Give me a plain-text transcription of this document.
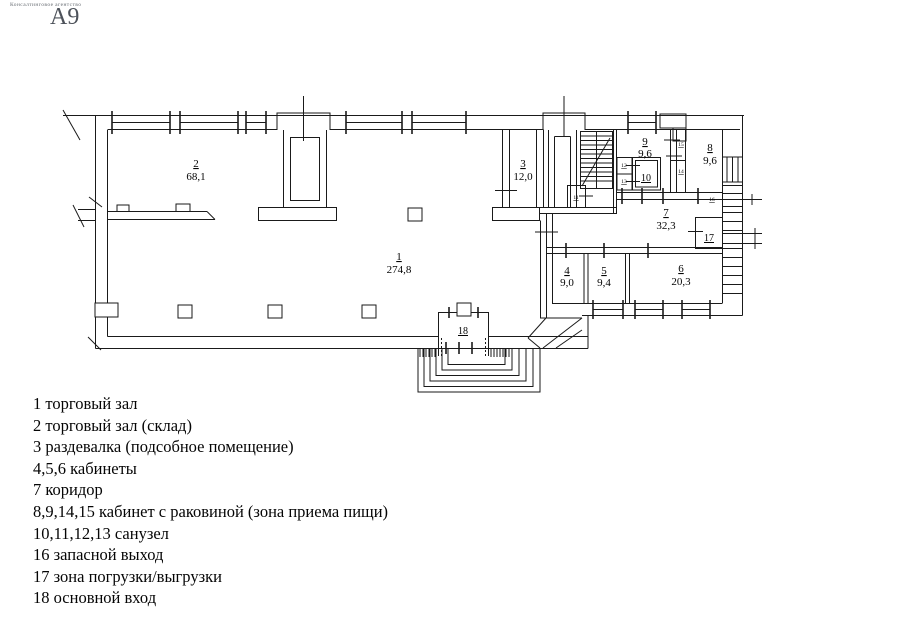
Консалтинговое агентство
А9
1
274,8
2
68,1
3
12,0
4
9,0
5
9,4
6
20,3
7
32,3
8
9,6
9
9,6
10
17
18
11
12
13
14
15
16
1 торговый зал
2 торговый зал (склад)
3 раздевалка (подсобное помещение)
4,5,6 кабинеты
7 коридор
8,9,14,15 кабинет с раковиной (зона приема пищи)
10,11,12,13 санузел
16 запасной выход
17 зона погрузки/выгрузки
18 основной вход
